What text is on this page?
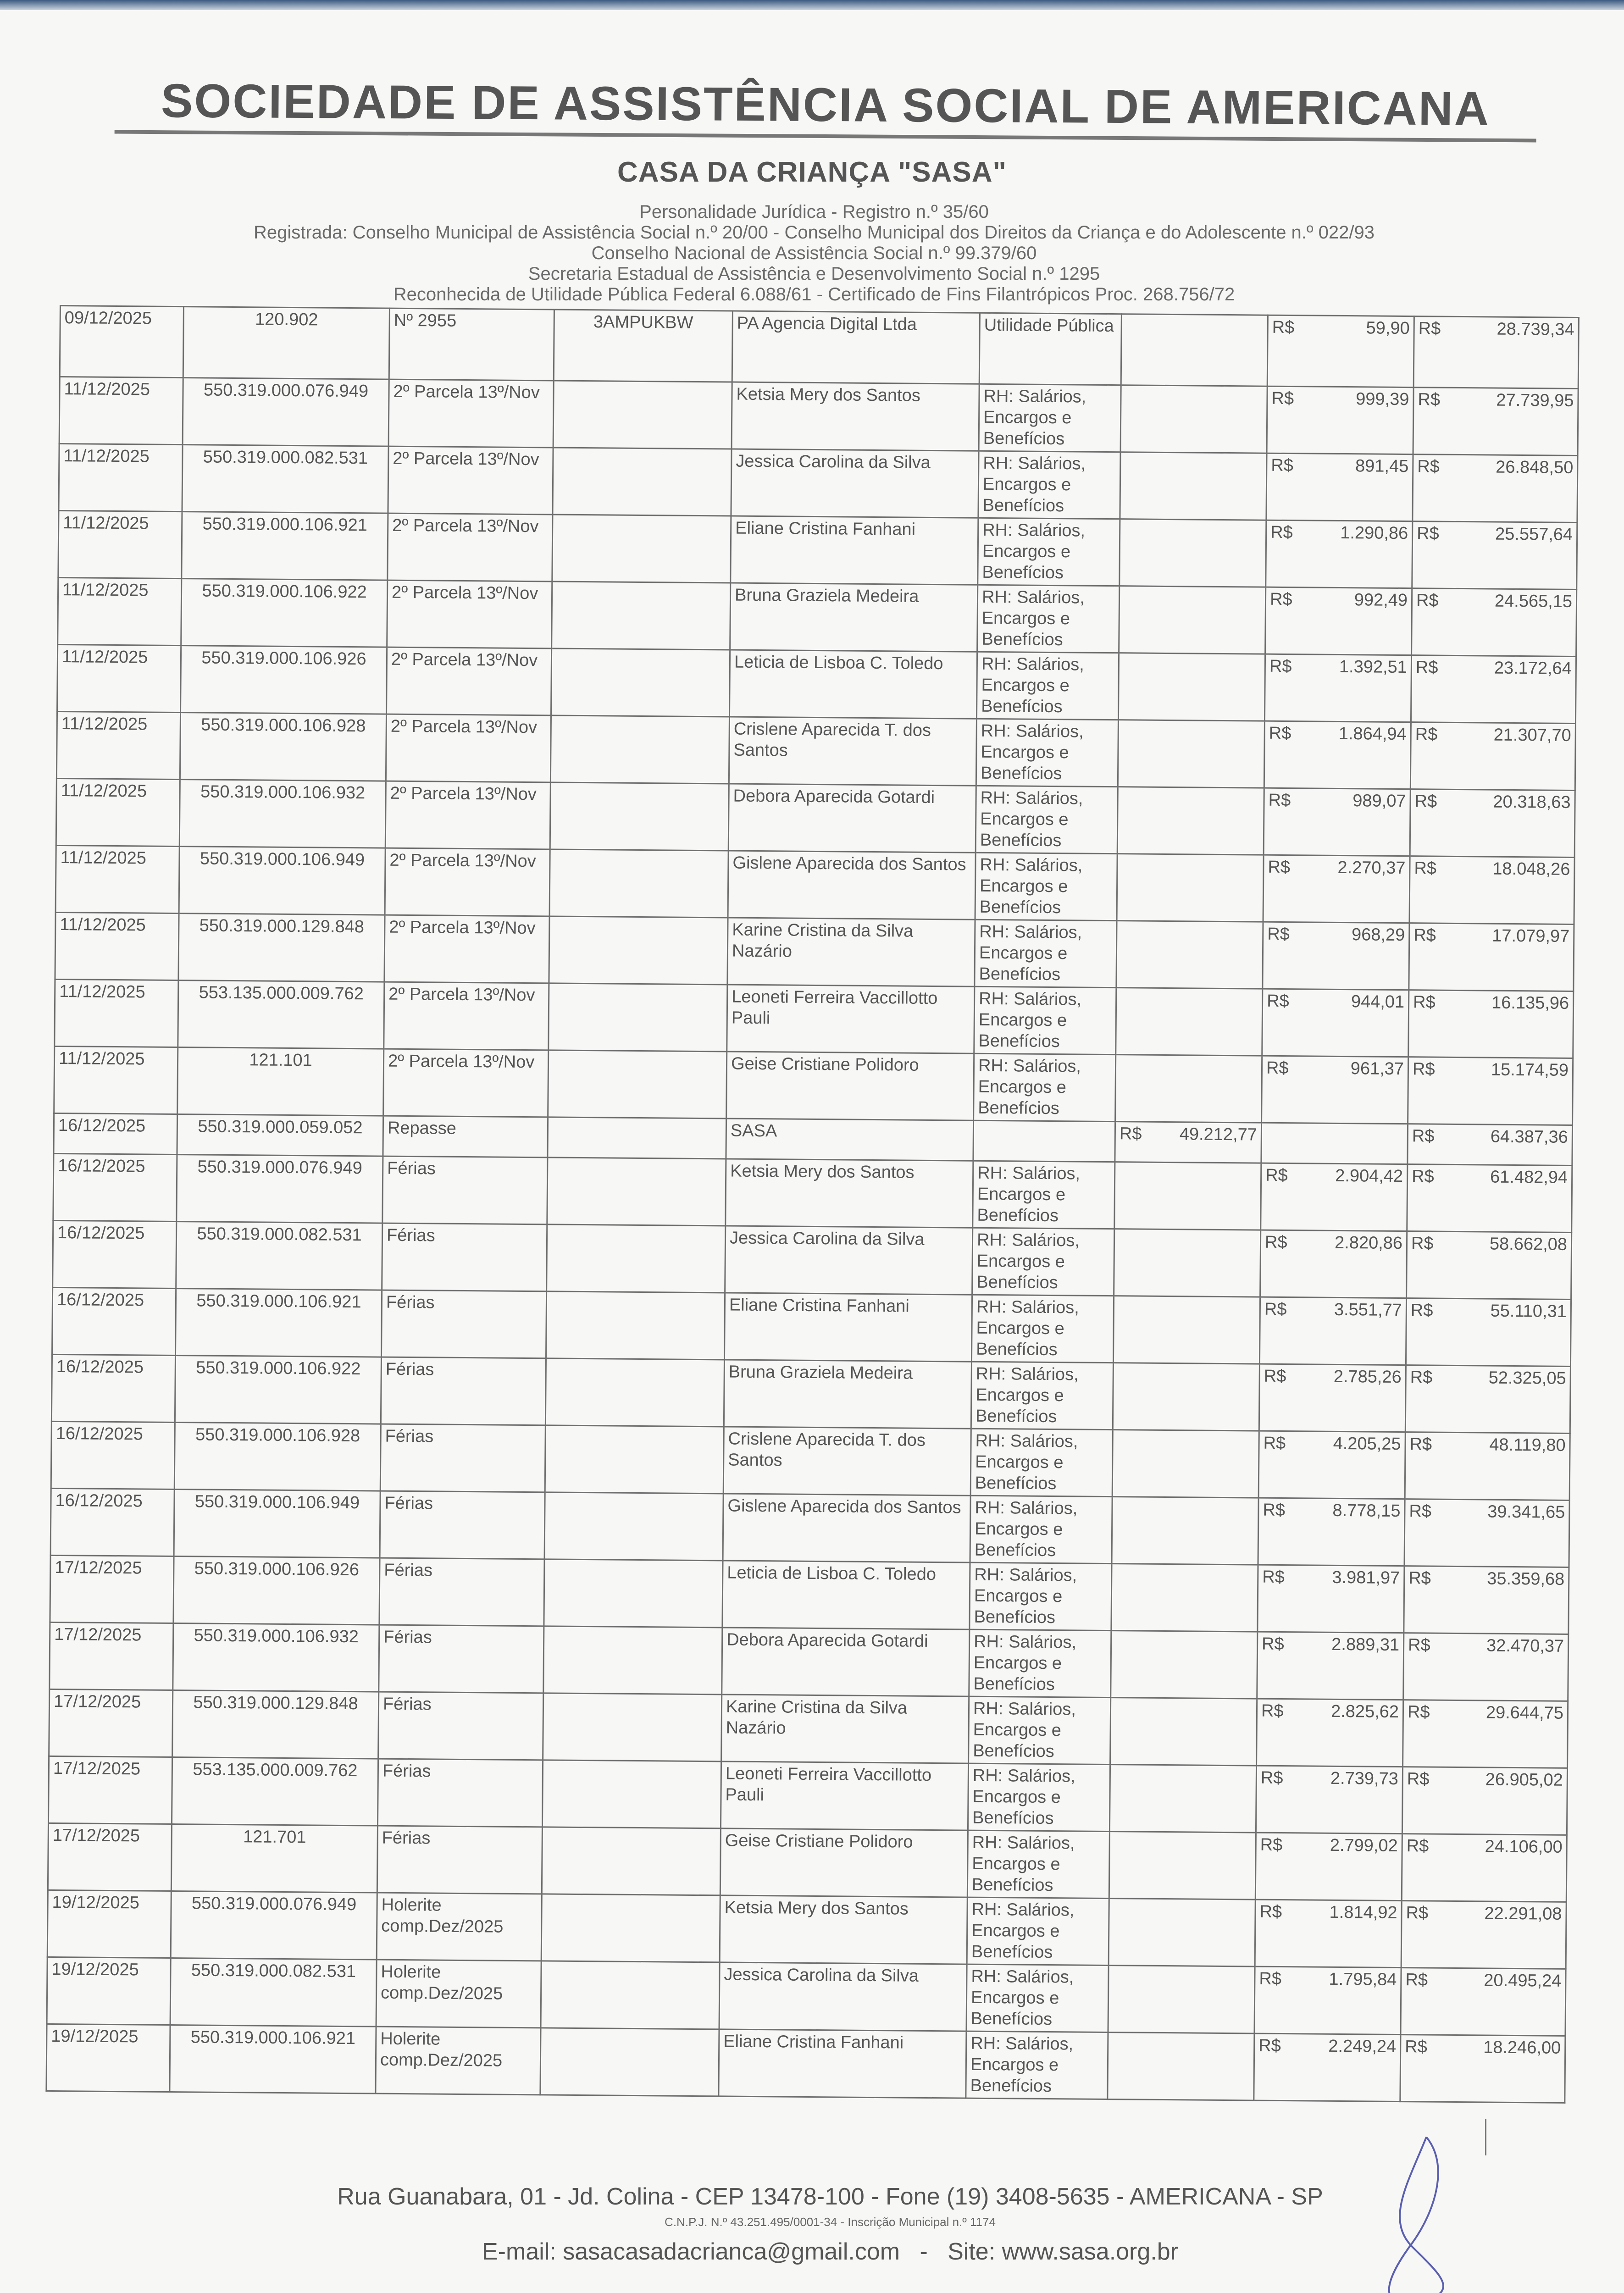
SOCIEDADE DE ASSISTÊNCIA SOCIAL DE AMERICANA
CASA DA CRIANÇA "SASA"
Personalidade Jurídica - Registro n.º 35/60
Registrada: Conselho Municipal de Assistência Social n.º 20/00 - Conselho Municipal dos Direitos da Criança e do Adolescente n.º 022/93
Conselho Nacional de Assistência Social n.º 99.379/60
Secretaria Estadual de Assistência e Desenvolvimento Social n.º 1295
Reconhecida de Utilidade Pública Federal 6.088/61 - Certificado de Fins Filantrópicos Proc. 268.756/72
09/12/2025	120.902	Nº 2955	3AMPUKBW	PA Agencia Digital Ltda	Utilidade Pública		R$ 59,90	R$ 28.739,34

11/12/2025	550.319.000.076.949	2º Parcela 13º/Nov		Ketsia Mery dos Santos	RH: Salários, Encargos e Benefícios		R$ 999,39	R$ 27.739,95

11/12/2025	550.319.000.082.531	2º Parcela 13º/Nov		Jessica Carolina da Silva	RH: Salários, Encargos e Benefícios		R$ 891,45	R$ 26.848,50

11/12/2025	550.319.000.106.921	2º Parcela 13º/Nov		Eliane Cristina Fanhani	RH: Salários, Encargos e Benefícios		R$ 1.290,86	R$ 25.557,64

11/12/2025	550.319.000.106.922	2º Parcela 13º/Nov		Bruna Graziela Medeira	RH: Salários, Encargos e Benefícios		R$ 992,49	R$ 24.565,15

11/12/2025	550.319.000.106.926	2º Parcela 13º/Nov		Leticia de Lisboa C. Toledo	RH: Salários, Encargos e Benefícios		R$ 1.392,51	R$ 23.172,64

11/12/2025	550.319.000.106.928	2º Parcela 13º/Nov		Crislene Aparecida T. dos Santos	RH: Salários, Encargos e Benefícios		R$ 1.864,94	R$ 21.307,70

11/12/2025	550.319.000.106.932	2º Parcela 13º/Nov		Debora Aparecida Gotardi	RH: Salários, Encargos e Benefícios		R$ 989,07	R$ 20.318,63

11/12/2025	550.319.000.106.949	2º Parcela 13º/Nov		Gislene Aparecida dos Santos	RH: Salários, Encargos e Benefícios		R$ 2.270,37	R$ 18.048,26

11/12/2025	550.319.000.129.848	2º Parcela 13º/Nov		Karine Cristina da Silva Nazário	RH: Salários, Encargos e Benefícios		R$ 968,29	R$ 17.079,97

11/12/2025	553.135.000.009.762	2º Parcela 13º/Nov		Leoneti Ferreira Vaccillotto Pauli	RH: Salários, Encargos e Benefícios		R$ 944,01	R$ 16.135,96

11/12/2025	121.101	2º Parcela 13º/Nov		Geise Cristiane Polidoro	RH: Salários, Encargos e Benefícios		R$ 961,37	R$ 15.174,59

16/12/2025	550.319.000.059.052	Repasse		SASA		R$ 49.212,77		R$ 64.387,36

16/12/2025	550.319.000.076.949	Férias		Ketsia Mery dos Santos	RH: Salários, Encargos e Benefícios		R$ 2.904,42	R$ 61.482,94

16/12/2025	550.319.000.082.531	Férias		Jessica Carolina da Silva	RH: Salários, Encargos e Benefícios		R$ 2.820,86	R$ 58.662,08

16/12/2025	550.319.000.106.921	Férias		Eliane Cristina Fanhani	RH: Salários, Encargos e Benefícios		R$ 3.551,77	R$ 55.110,31

16/12/2025	550.319.000.106.922	Férias		Bruna Graziela Medeira	RH: Salários, Encargos e Benefícios		R$ 2.785,26	R$ 52.325,05

16/12/2025	550.319.000.106.928	Férias		Crislene Aparecida T. dos Santos	RH: Salários, Encargos e Benefícios		R$ 4.205,25	R$ 48.119,80

16/12/2025	550.319.000.106.949	Férias		Gislene Aparecida dos Santos	RH: Salários, Encargos e Benefícios		R$ 8.778,15	R$ 39.341,65

17/12/2025	550.319.000.106.926	Férias		Leticia de Lisboa C. Toledo	RH: Salários, Encargos e Benefícios		R$ 3.981,97	R$ 35.359,68

17/12/2025	550.319.000.106.932	Férias		Debora Aparecida Gotardi	RH: Salários, Encargos e Benefícios		R$ 2.889,31	R$ 32.470,37

17/12/2025	550.319.000.129.848	Férias		Karine Cristina da Silva Nazário	RH: Salários, Encargos e Benefícios		R$ 2.825,62	R$ 29.644,75

17/12/2025	553.135.000.009.762	Férias		Leoneti Ferreira Vaccillotto Pauli	RH: Salários, Encargos e Benefícios		R$ 2.739,73	R$ 26.905,02

17/12/2025	121.701	Férias		Geise Cristiane Polidoro	RH: Salários, Encargos e Benefícios		R$ 2.799,02	R$ 24.106,00

19/12/2025	550.319.000.076.949	Holerite comp.Dez/2025		Ketsia Mery dos Santos	RH: Salários, Encargos e Benefícios		R$ 1.814,92	R$ 22.291,08

19/12/2025	550.319.000.082.531	Holerite comp.Dez/2025		Jessica Carolina da Silva	RH: Salários, Encargos e Benefícios		R$ 1.795,84	R$ 20.495,24

19/12/2025	550.319.000.106.921	Holerite comp.Dez/2025		Eliane Cristina Fanhani	RH: Salários, Encargos e Benefícios		R$ 2.249,24	R$ 18.246,00
Rua Guanabara, 01 - Jd. Colina - CEP 13478-100 - Fone (19) 3408-5635 - AMERICANA - SP
C.N.P.J. N.º 43.251.495/0001-34 - Inscrição Municipal n.º 1174
E-mail: sasacasadacrianca@gmail.com   -   Site: www.sasa.org.br
